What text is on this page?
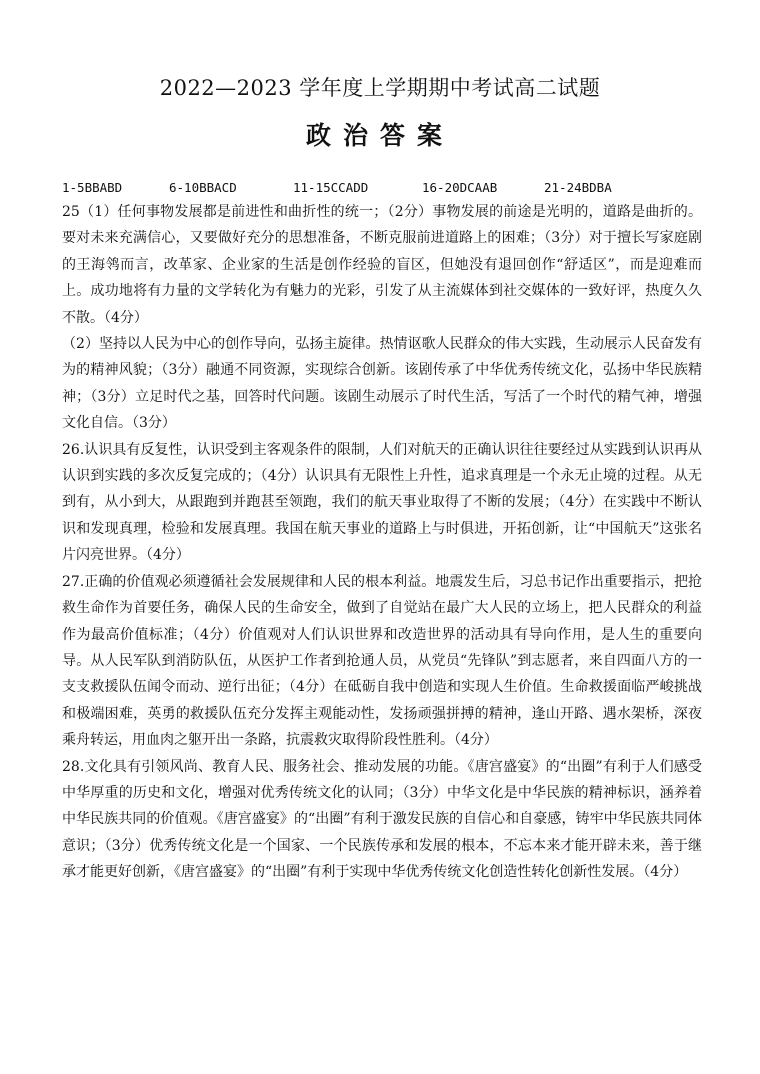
2022—2023 学年度上学期期中考试高二试题
政治答案
1-5BBABD	6-10BBACD	11-15CCADD	16-20DCAAB	21-24BDBA

25（1）任何事物发展都是前进性和曲折性的统一；（2分）事物发展的前途是光明的，道路是曲折的。要对未来充满信心，又要做好充分的思想准备，不断克服前进道路上的困难；（3分）对于擅长写家庭剧的王海鸰而言，改革家、企业家的生活是创作经验的盲区，但她没有退回创作“舒适区”，而是迎难而上。成功地将有力量的文学转化为有魅力的光彩，引发了从主流媒体到社交媒体的一致好评，热度久久不散。（4分）

（2）坚持以人民为中心的创作导向，弘扬主旋律。热情讴歌人民群众的伟大实践，生动展示人民奋发有为的精神风貌；（3分）融通不同资源，实现综合创新。该剧传承了中华优秀传统文化，弘扬中华民族精神；（3分）立足时代之基，回答时代问题。该剧生动展示了时代生活，写活了一个时代的精气神，增强文化自信。（3分）

26.认识具有反复性，认识受到主客观条件的限制，人们对航天的正确认识往往要经过从实践到认识再从认识到实践的多次反复完成的；（4分）认识具有无限性上升性，追求真理是一个永无止境的过程。从无到有，从小到大，从跟跑到并跑甚至领跑，我们的航天事业取得了不断的发展；（4分）在实践中不断认识和发现真理，检验和发展真理。我国在航天事业的道路上与时俱进，开拓创新，让“中国航天”这张名片闪亮世界。（4分）

27.正确的价值观必须遵循社会发展规律和人民的根本利益。地震发生后，习总书记作出重要指示，把抢救生命作为首要任务，确保人民的生命安全，做到了自觉站在最广大人民的立场上，把人民群众的利益作为最高价值标准；（4分）价值观对人们认识世界和改造世界的活动具有导向作用，是人生的重要向导。从人民军队到消防队伍，从医护工作者到抢通人员，从党员“先锋队”到志愿者，来自四面八方的一支支救援队伍闻令而动、逆行出征；（4分）在砥砺自我中创造和实现人生价值。生命救援面临严峻挑战和极端困难，英勇的救援队伍充分发挥主观能动性，发扬顽强拼搏的精神，逢山开路、遇水架桥，深夜乘舟转运，用血肉之躯开出一条路，抗震救灾取得阶段性胜利。（4分）

28.文化具有引领风尚、教育人民、服务社会、推动发展的功能。《唐宫盛宴》的“出圈”有利于人们感受中华厚重的历史和文化，增强对优秀传统文化的认同；（3分）中华文化是中华民族的精神标识，涵养着中华民族共同的价值观。《唐宫盛宴》的“出圈”有利于激发民族的自信心和自豪感，铸牢中华民族共同体意识；（3分）优秀传统文化是一个国家、一个民族传承和发展的根本，不忘本来才能开辟未来，善于继承才能更好创新，《唐宫盛宴》的“出圈”有利于实现中华优秀传统文化创造性转化创新性发展。（4分）
